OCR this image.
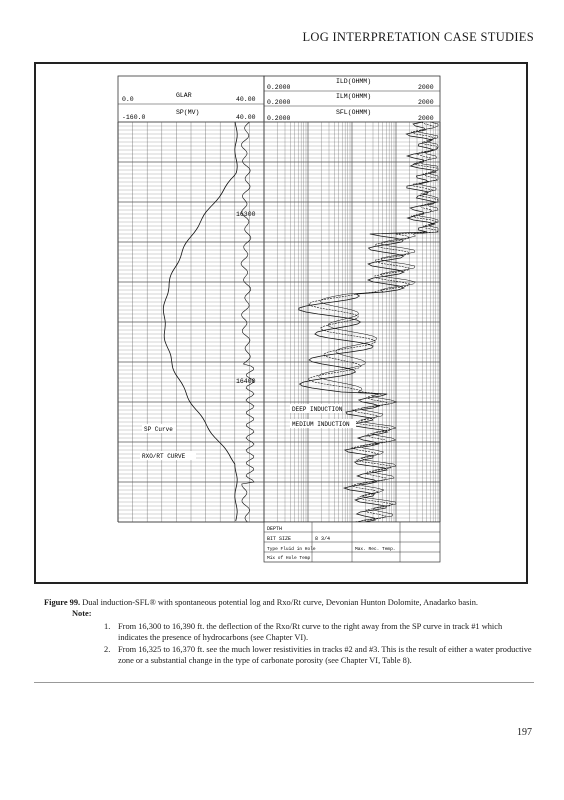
LOG INTERPRETATION CASE STUDIES
0.0
GLAR
40.00
-160.0
SP(MV)
40.00
0.2000
ILD(OHMM)
2000
0.2000
ILM(OHMM)
2000
0.2000
SFL(OHMM)
2000
16300
16400
DEEP INDUCTION
MEDIUM INDUCTION
SP Curve
RXO/RT CURVE
DEPTH
BIT SIZE	8 3/4
Type Fluid in Hole	Max. Rec. Temp.
Mix of Hole Temp
Figure 99. Dual induction-SFL® with spontaneous potential log and Rxo/Rt curve, Devonian Hunton Dolomite, Anadarko basin.
Note:
1. From 16,300 to 16,390 ft. the deflection of the Rxo/Rt curve to the right away from the SP curve in track #1 which indicates the presence of hydrocarbons (see Chapter VI).
2. From 16,325 to 16,370 ft. see the much lower resistivities in tracks #2 and #3. This is the result of either a water productive zone or a substantial change in the type of carbonate porosity (see Chapter VI, Table 8).
197
